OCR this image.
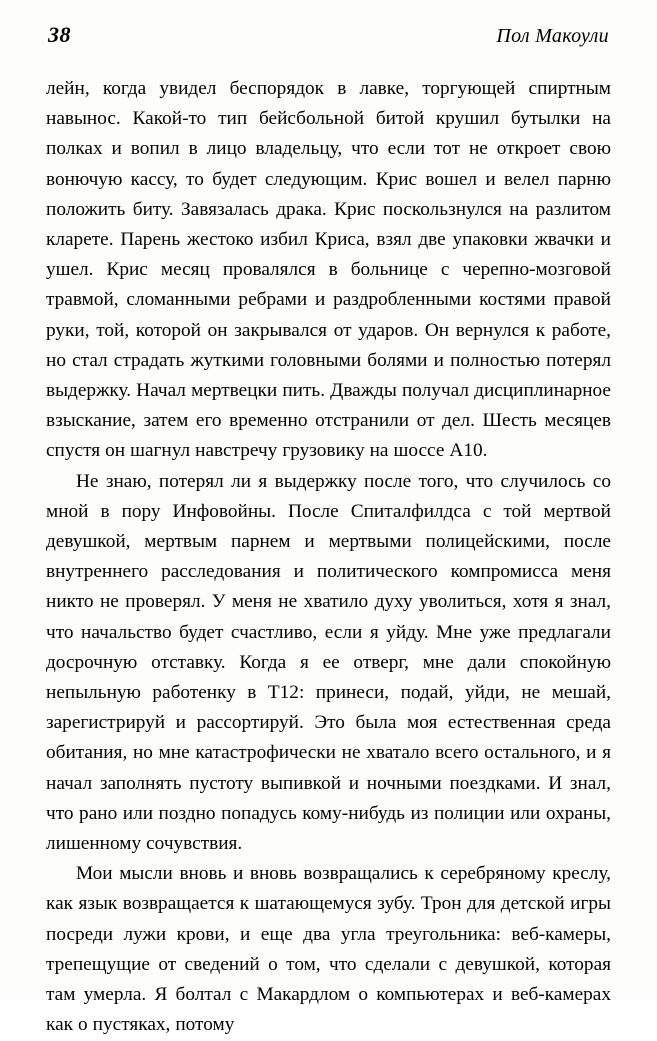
38	Пол Макоули

лейн, когда увидел беспорядок в лавке, торгующей спиртным навынос. Какой-то тип бейсбольной битой крушил бутылки на полках и вопил в лицо владельцу, что если тот не откроет свою вонючую кассу, то будет следующим. Крис вошел и велел парню положить биту. Завязалась драка. Крис поскользнулся на разлитом кларете. Парень жестоко избил Криса, взял две упаковки жвачки и ушел. Крис месяц провалялся в больнице с черепно-мозговой травмой, сломанными ребрами и раздробленными костями правой руки, той, которой он закрывался от ударов. Он вернулся к работе, но стал страдать жуткими головными болями и полностью потерял выдержку. Начал мертвецки пить. Дважды получал дисциплинарное взыскание, затем его временно отстранили от дел. Шесть месяцев спустя он шагнул навстречу грузовику на шоссе А10.

Не знаю, потерял ли я выдержку после того, что случилось со мной в пору Инфовойны. После Спиталфилдса с той мертвой девушкой, мертвым парнем и мертвыми полицейскими, после внутреннего расследования и политического компромисса меня никто не проверял. У меня не хватило духу уволиться, хотя я знал, что начальство будет счастливо, если я уйду. Мне уже предлагали досрочную отставку. Когда я ее отверг, мне дали спокойную непыльную работенку в Т12: принеси, подай, уйди, не мешай, зарегистрируй и рассортируй. Это была моя естественная среда обитания, но мне катастрофически не хватало всего остального, и я начал заполнять пустоту выпивкой и ночными поездками. И знал, что рано или поздно попадусь кому-нибудь из полиции или охраны, лишенному сочувствия.

Мои мысли вновь и вновь возвращались к серебряному креслу, как язык возвращается к шатающемуся зубу. Трон для детской игры посреди лужи крови, и еще два угла треугольника: веб-камеры, трепещущие от сведений о том, что сделали с девушкой, которая там умерла. Я болтал с Макардлом о компьютерах и веб-камерах как о пустяках, потому
